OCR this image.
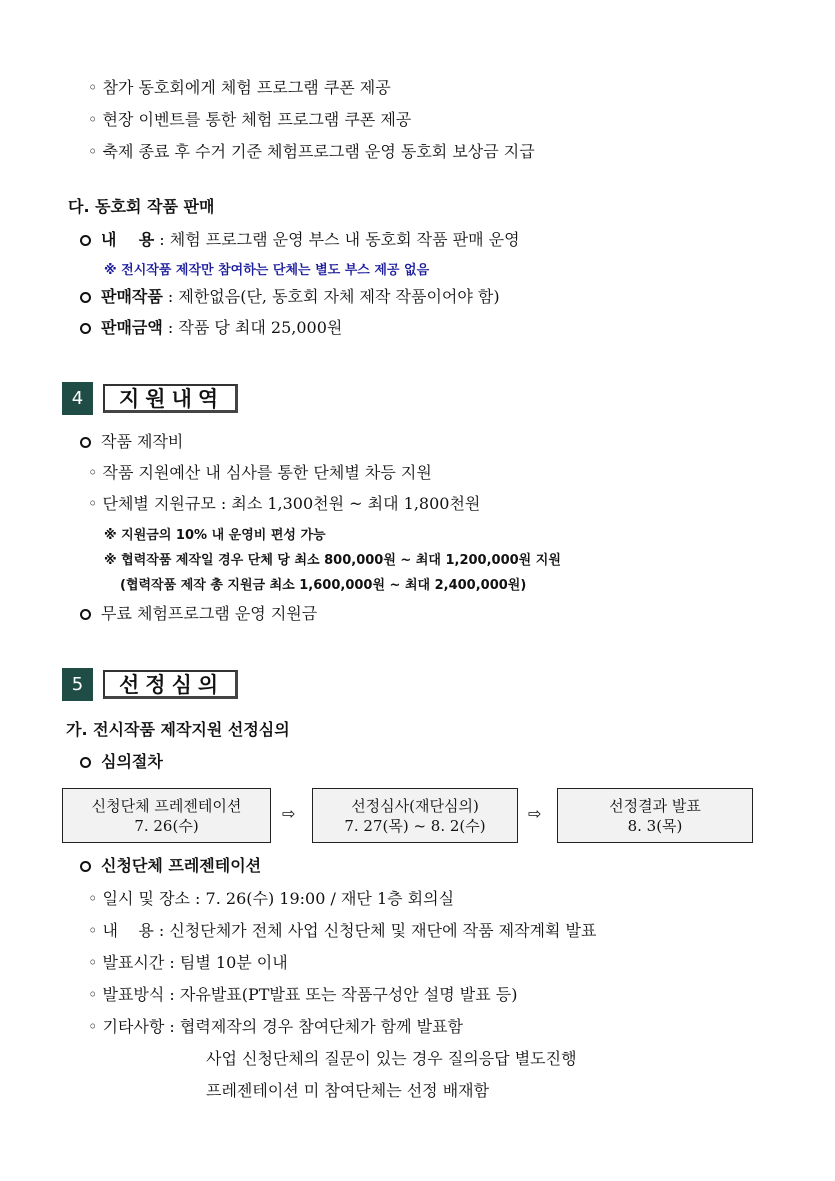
◦ 참가 동호회에게 체험 프로그램 쿠폰 제공
◦ 현장 이벤트를 통한 체험 프로그램 쿠폰 제공
◦ 축제 종료 후 수거 기준 체험프로그램 운영 동호회 보상금 지급
다. 동호회 작품 판매
내    용 : 체험 프로그램 운영 부스 내 동호회 작품 판매 운영
※ 전시작품 제작만 참여하는 단체는 별도 부스 제공 없음
판매작품 : 제한없음(단, 동호회 자체 제작 작품이어야 함)
판매금액 : 작품 당 최대 25,000원
4	지원내역
작품 제작비
◦ 작품 지원예산 내 심사를 통한 단체별 차등 지원
◦ 단체별 지원규모 : 최소 1,300천원 ~ 최대 1,800천원
※ 지원금의 10% 내 운영비 편성 가능
※ 협력작품 제작일 경우 단체 당 최소 800,000원 ~ 최대 1,200,000원 지원
(협력작품 제작 총 지원금 최소 1,600,000원 ~ 최대 2,400,000원)
무료 체험프로그램 운영 지원금
5	선정심의
가. 전시작품 제작지원 선정심의
심의절차
신청단체 프레젠테이션
7. 26(수)
⇨	선정심사(재단심의)
7. 27(목) ~ 8. 2(수)
⇨	선정결과 발표
8. 3(목)
신청단체 프레젠테이션
◦ 일시 및 장소 : 7. 26(수) 19:00 / 재단 1층 회의실
◦ 내    용 : 신청단체가 전체 사업 신청단체 및 재단에 작품 제작계획 발표
◦ 발표시간 : 팀별 10분 이내
◦ 발표방식 : 자유발표(PT발표 또는 작품구성안 설명 발표 등)
◦ 기타사항 : 협력제작의 경우 참여단체가 함께 발표함
사업 신청단체의 질문이 있는 경우 질의응답 별도진행
프레젠테이션 미 참여단체는 선정 배재함
